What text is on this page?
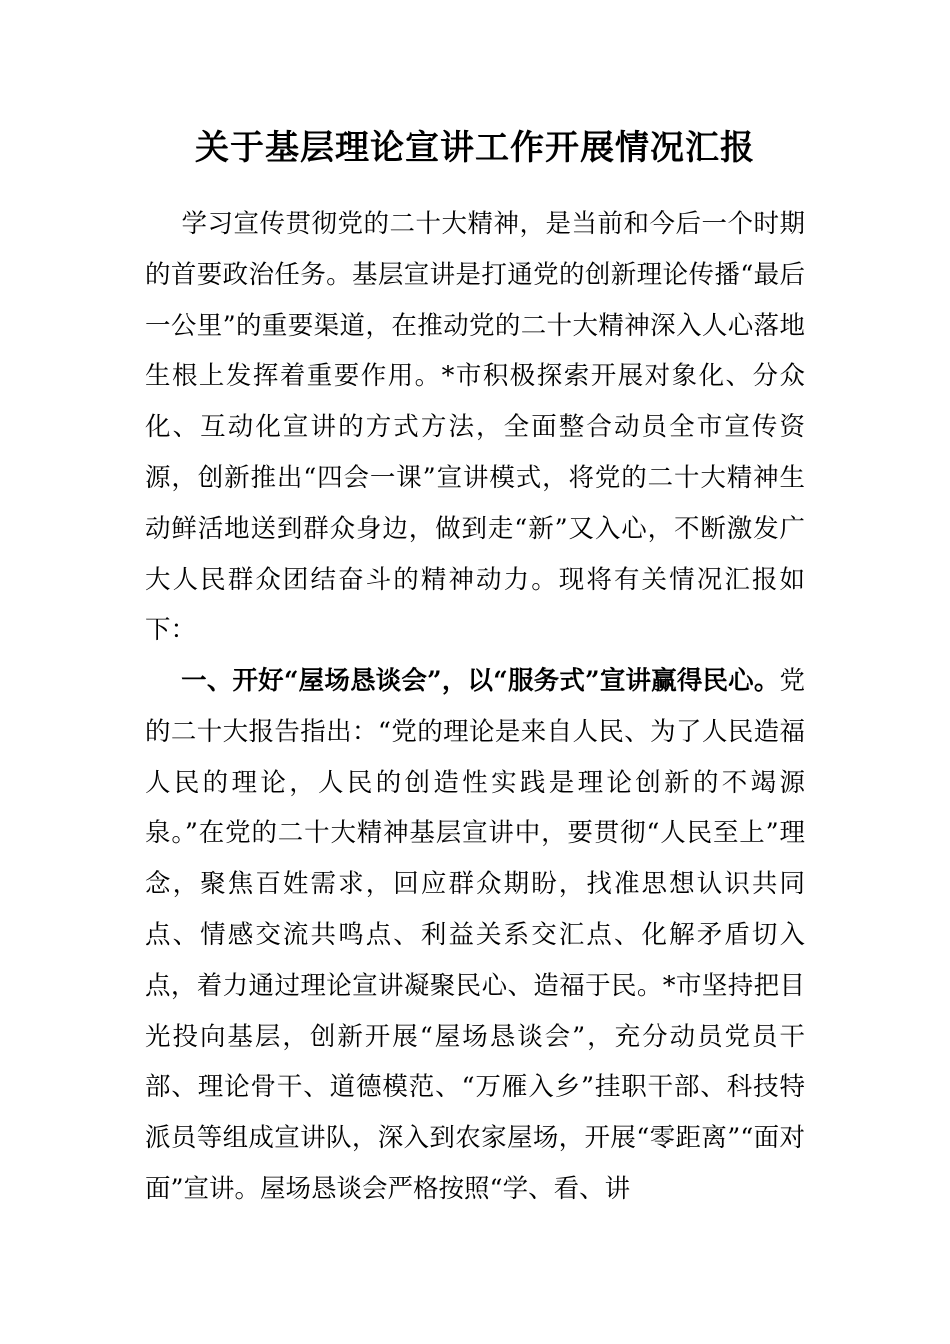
关于基层理论宣讲工作开展情况汇报

学习宣传贯彻党的二十大精神，是当前和今后一个时期的首要政治任务。基层宣讲是打通党的创新理论传播“最后一公里”的重要渠道，在推动党的二十大精神深入人心落地生根上发挥着重要作用。*市积极探索开展对象化、分众化、互动化宣讲的方式方法，全面整合动员全市宣传资源，创新推出“四会一课”宣讲模式，将党的二十大精神生动鲜活地送到群众身边，做到走“新”又入心，不断激发广大人民群众团结奋斗的精神动力。现将有关情况汇报如下：

一、开好“屋场恳谈会”，以“服务式”宣讲赢得民心。党的二十大报告指出：“党的理论是来自人民、为了人民造福人民的理论，人民的创造性实践是理论创新的不竭源泉。”在党的二十大精神基层宣讲中，要贯彻“人民至上”理念，聚焦百姓需求，回应群众期盼，找准思想认识共同点、情感交流共鸣点、利益关系交汇点、化解矛盾切入点，着力通过理论宣讲凝聚民心、造福于民。*市坚持把目光投向基层，创新开展“屋场恳谈会”，充分动员党员干部、理论骨干、道德模范、“万雁入乡”挂职干部、科技特派员等组成宣讲队，深入到农家屋场，开展“零距离”“面对面”宣讲。屋场恳谈会严格按照“学、看、讲
